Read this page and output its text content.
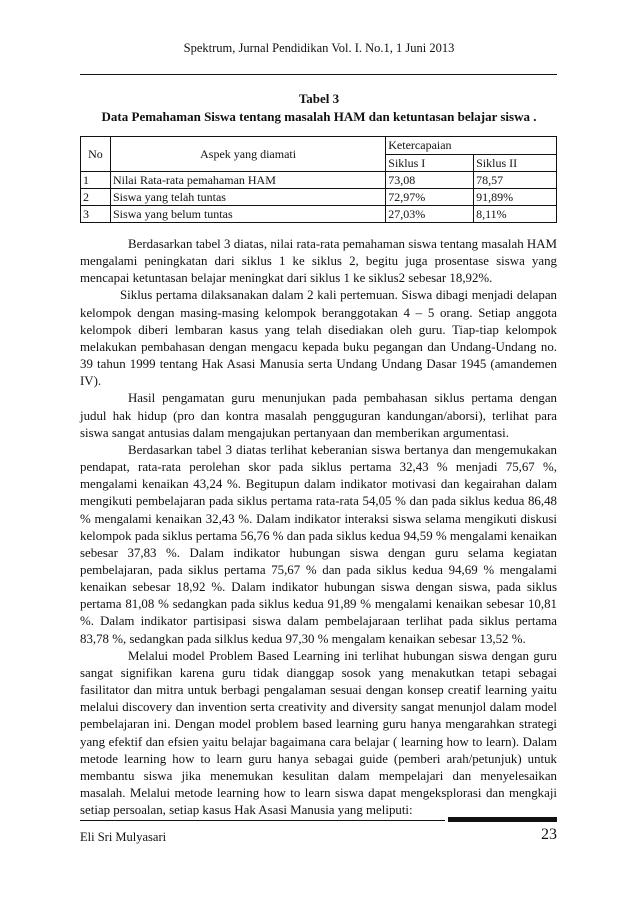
Spektrum, Jurnal Pendidikan Vol. I. No.1, 1 Juni 2013
Tabel 3
Data Pemahaman Siswa tentang masalah HAM dan ketuntasan belajar siswa .
No	Aspek yang diamati	Ketercapaian	
		Siklus I	Siklus II
1	Nilai Rata-rata pemahaman HAM	73,08	78,57
2	Siswa yang telah tuntas	72,97%	91,89%
3	Siswa yang belum tuntas	27,03%	8,11%

Berdasarkan tabel 3 diatas, nilai rata-rata pemahaman siswa tentang masalah HAM mengalami peningkatan dari siklus 1 ke siklus 2, begitu juga prosentase siswa yang mencapai ketuntasan belajar meningkat dari siklus 1 ke siklus2 sebesar 18,92%.

Siklus pertama dilaksanakan dalam 2 kali pertemuan. Siswa dibagi menjadi delapan kelompok dengan masing-masing kelompok beranggotakan 4 – 5 orang. Setiap anggota kelompok diberi lembaran kasus yang telah disediakan oleh guru. Tiap-tiap kelompok melakukan pembahasan dengan mengacu kepada buku pegangan dan Undang-Undang no. 39 tahun 1999 tentang Hak Asasi Manusia serta Undang Undang Dasar 1945 (amandemen IV).

Hasil pengamatan guru menunjukan pada pembahasan siklus pertama dengan judul hak hidup (pro dan kontra masalah pengguguran kandungan/aborsi), terlihat para siswa sangat antusias dalam mengajukan pertanyaan dan memberikan argumentasi.

Berdasarkan tabel 3 diatas terlihat keberanian siswa bertanya dan mengemukakan pendapat, rata-rata perolehan skor pada siklus pertama 32,43 % menjadi 75,67 %, mengalami kenaikan 43,24 %. Begitupun dalam indikator motivasi dan kegairahan dalam mengikuti pembelajaran pada siklus pertama rata-rata 54,05 % dan pada siklus kedua 86,48 % mengalami kenaikan 32,43 %. Dalam indikator interaksi siswa selama mengikuti diskusi kelompok pada siklus pertama 56,76 % dan pada siklus kedua 94,59 % mengalami kenaikan sebesar 37,83 %. Dalam indikator hubungan siswa dengan guru selama kegiatan pembelajaran, pada siklus pertama 75,67 % dan pada siklus kedua 94,69 % mengalami kenaikan sebesar 18,92 %. Dalam indikator hubungan siswa dengan siswa, pada siklus pertama 81,08 % sedangkan pada siklus kedua 91,89 % mengalami kenaikan sebesar 10,81 %. Dalam indikator partisipasi siswa dalam pembelajaraan terlihat pada siklus pertama 83,78 %, sedangkan pada silklus kedua 97,30 % mengalam kenaikan sebesar 13,52 %.

Melalui model Problem Based Learning ini terlihat hubungan siswa dengan guru sangat signifikan karena guru tidak dianggap sosok yang menakutkan tetapi sebagai fasilitator dan mitra untuk berbagi pengalaman sesuai dengan konsep creatif learning yaitu melalui discovery dan invention serta creativity and diversity sangat menunjol dalam model pembelajaran ini. Dengan model problem based learning guru hanya mengarahkan strategi yang efektif dan efsien yaitu belajar bagaimana cara belajar ( learning how to learn). Dalam metode learning how to learn guru hanya sebagai guide (pemberi arah/petunjuk) untuk membantu siswa jika menemukan kesulitan dalam mempelajari dan menyelesaikan masalah. Melalui metode learning how to learn siswa dapat mengeksplorasi dan mengkaji setiap persoalan, setiap kasus Hak Asasi Manusia yang meliputi:

Eli Sri Mulyasari	23
